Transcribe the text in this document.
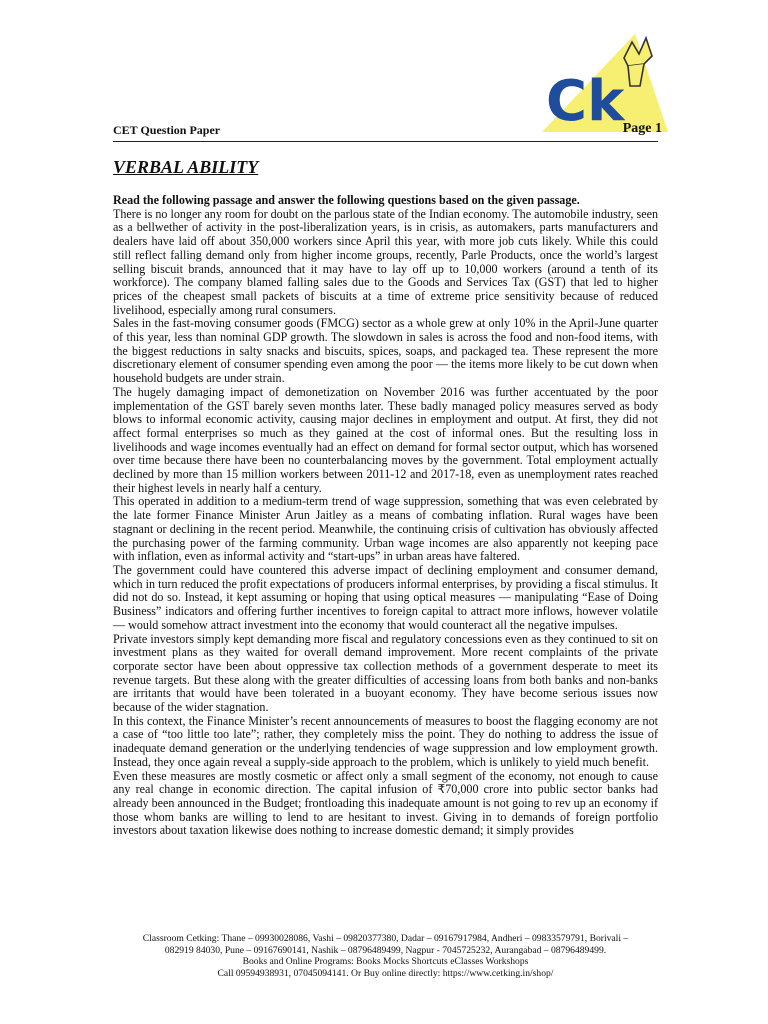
Ck
CET Question Paper	Page 1
VERBAL ABILITY

Read the following passage and answer the following questions based on the given passage.

There is no longer any room for doubt on the parlous state of the Indian economy. The automobile industry, seen as a bellwether of activity in the post-liberalization years, is in crisis, as automakers, parts manufacturers and dealers have laid off about 350,000 workers since April this year, with more job cuts likely. While this could still reflect falling demand only from higher income groups, recently, Parle Products, once the world’s largest selling biscuit brands, announced that it may have to lay off up to 10,000 workers (around a tenth of its workforce). The company blamed falling sales due to the Goods and Services Tax (GST) that led to higher prices of the cheapest small packets of biscuits at a time of extreme price sensitivity because of reduced livelihood, especially among rural consumers.

Sales in the fast-moving consumer goods (FMCG) sector as a whole grew at only 10% in the April-June quarter of this year, less than nominal GDP growth. The slowdown in sales is across the food and non-food items, with the biggest reductions in salty snacks and biscuits, spices, soaps, and packaged tea. These represent the more discretionary element of consumer spending even among the poor — the items more likely to be cut down when household budgets are under strain.

The hugely damaging impact of demonetization on November 2016 was further accentuated by the poor implementation of the GST barely seven months later. These badly managed policy measures served as body blows to informal economic activity, causing major declines in employment and output. At first, they did not affect formal enterprises so much as they gained at the cost of informal ones. But the resulting loss in livelihoods and wage incomes eventually had an effect on demand for formal sector output, which has worsened over time because there have been no counterbalancing moves by the government. Total employment actually declined by more than 15 million workers between 2011-12 and 2017-18, even as unemployment rates reached their highest levels in nearly half a century.

This operated in addition to a medium-term trend of wage suppression, something that was even celebrated by the late former Finance Minister Arun Jaitley as a means of combating inflation. Rural wages have been stagnant or declining in the recent period. Meanwhile, the continuing crisis of cultivation has obviously affected the purchasing power of the farming community. Urban wage incomes are also apparently not keeping pace with inflation, even as informal activity and “start-ups” in urban areas have faltered.

The government could have countered this adverse impact of declining employment and consumer demand, which in turn reduced the profit expectations of producers informal enterprises, by providing a fiscal stimulus. It did not do so. Instead, it kept assuming or hoping that using optical measures — manipulating “Ease of Doing Business” indicators and offering further incentives to foreign capital to attract more inflows, however volatile — would somehow attract investment into the economy that would counteract all the negative impulses.

Private investors simply kept demanding more fiscal and regulatory concessions even as they continued to sit on investment plans as they waited for overall demand improvement. More recent complaints of the private corporate sector have been about oppressive tax collection methods of a government desperate to meet its revenue targets. But these along with the greater difficulties of accessing loans from both banks and non-banks are irritants that would have been tolerated in a buoyant economy. They have become serious issues now because of the wider stagnation.

In this context, the Finance Minister’s recent announcements of measures to boost the flagging economy are not a case of “too little too late”; rather, they completely miss the point. They do nothing to address the issue of inadequate demand generation or the underlying tendencies of wage suppression and low employment growth. Instead, they once again reveal a supply-side approach to the problem, which is unlikely to yield much benefit.

Even these measures are mostly cosmetic or affect only a small segment of the economy, not enough to cause any real change in economic direction. The capital infusion of ₹70,000 crore into public sector banks had already been announced in the Budget; frontloading this inadequate amount is not going to rev up an economy if those whom banks are willing to lend to are hesitant to invest. Giving in to demands of foreign portfolio investors about taxation likewise does nothing to increase domestic demand; it simply provides

Classroom Cetking: Thane – 09930028086, Vashi – 09820377380, Dadar – 09167917984, Andheri – 09833579791, Borivali –
082919 84030, Pune – 09167690141, Nashik – 08796489499, Nagpur - 7045725232, Aurangabad – 08796489499.
Books and Online Programs: Books Mocks Shortcuts eClasses Workshops
Call 09594938931, 07045094141. Or Buy online directly: https://www.cetking.in/shop/
